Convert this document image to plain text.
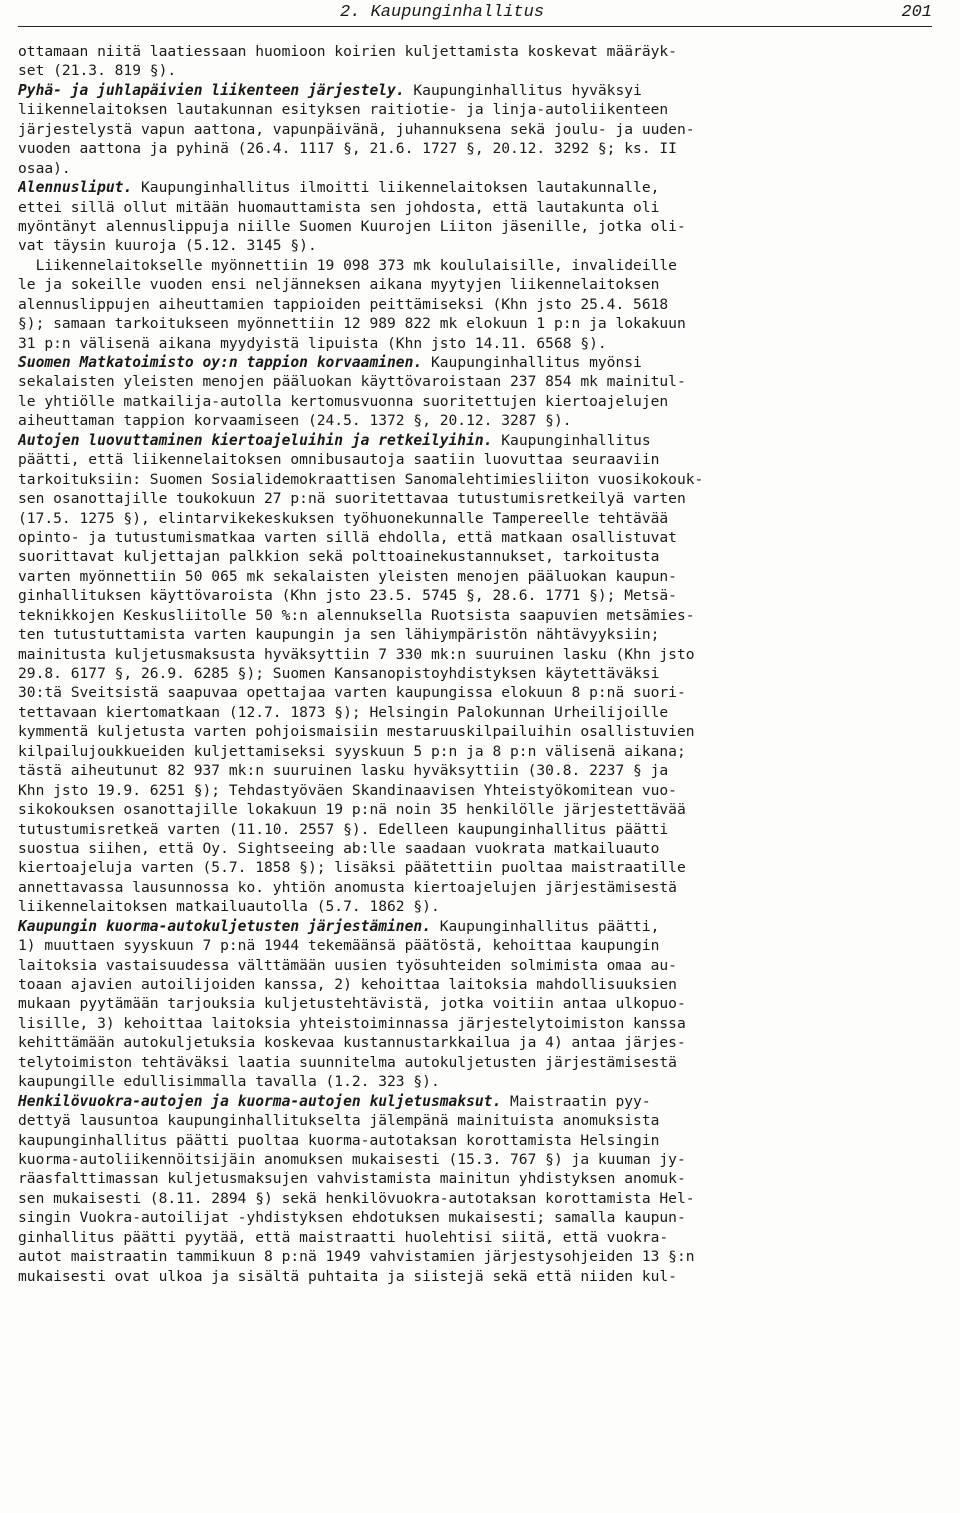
2. Kaupunginhallitus	201
ottamaan niitä laatiessaan huomioon koirien kuljettamista koskevat määräyk-
set (21.3. 819 §).
Pyhä- ja juhlapäivien liikenteen järjestely. Kaupunginhallitus hyväksyi
liikennelaitoksen lautakunnan esityksen raitiotie- ja linja-autoliikenteen
järjestelystä vapun aattona, vapunpäivänä, juhannuksena sekä joulu- ja uuden-
vuoden aattona ja pyhinä (26.4. 1117 §, 21.6. 1727 §, 20.12. 3292 §; ks. II
osaa).
Alennusliput. Kaupunginhallitus ilmoitti liikennelaitoksen lautakunnalle,
ettei sillä ollut mitään huomauttamista sen johdosta, että lautakunta oli
myöntänyt alennuslippuja niille Suomen Kuurojen Liiton jäsenille, jotka oli-
vat täysin kuuroja (5.12. 3145 §).
Liikennelaitokselle myönnettiin 19 098 373 mk koululaisille, invalideille
le ja sokeille vuoden ensi neljänneksen aikana myytyjen liikennelaitoksen
alennuslippujen aiheuttamien tappioiden peittämiseksi (Khn jsto 25.4. 5618
§); samaan tarkoitukseen myönnettiin 12 989 822 mk elokuun 1 p:n ja lokakuun
31 p:n välisenä aikana myydyistä lipuista (Khn jsto 14.11. 6568 §).
Suomen Matkatoimisto oy:n tappion korvaaminen. Kaupunginhallitus myönsi
sekalaisten yleisten menojen pääluokan käyttövaroistaan 237 854 mk mainitul-
le yhtiölle matkailija-autolla kertomusvuonna suoritettujen kiertoajelujen
aiheuttaman tappion korvaamiseen (24.5. 1372 §, 20.12. 3287 §).
Autojen luovuttaminen kiertoajeluihin ja retkeilyihin. Kaupunginhallitus
päätti, että liikennelaitoksen omnibusautoja saatiin luovuttaa seuraaviin
tarkoituksiin: Suomen Sosialidemokraattisen Sanomalehtimiesliiton vuosikokouk-
sen osanottajille toukokuun 27 p:nä suoritettavaa tutustumisretkeilyä varten
(17.5. 1275 §), elintarvikekeskuksen työhuonekunnalle Tampereelle tehtävää
opinto- ja tutustumismatkaa varten sillä ehdolla, että matkaan osallistuvat
suorittavat kuljettajan palkkion sekä polttoainekustannukset, tarkoitusta
varten myönnettiin 50 065 mk sekalaisten yleisten menojen pääluokan kaupun-
ginhallituksen käyttövaroista (Khn jsto 23.5. 5745 §, 28.6. 1771 §); Metsä-
teknikkojen Keskusliitolle 50 %:n alennuksella Ruotsista saapuvien metsämies-
ten tutustuttamista varten kaupungin ja sen lähiympäristön nähtävyyksiin;
mainitusta kuljetusmaksusta hyväksyttiin 7 330 mk:n suuruinen lasku (Khn jsto
29.8. 6177 §, 26.9. 6285 §); Suomen Kansanopistoyhdistyksen käytettäväksi
30:tä Sveitsistä saapuvaa opettajaa varten kaupungissa elokuun 8 p:nä suori-
tettavaan kiertomatkaan (12.7. 1873 §); Helsingin Palokunnan Urheilijoille
kymmentä kuljetusta varten pohjoismaisiin mestaruuskilpailuihin osallistuvien
kilpailujoukkueiden kuljettamiseksi syyskuun 5 p:n ja 8 p:n välisenä aikana;
tästä aiheutunut 82 937 mk:n suuruinen lasku hyväksyttiin (30.8. 2237 § ja
Khn jsto 19.9. 6251 §); Tehdastyöväen Skandinaavisen Yhteistyökomitean vuo-
sikokouksen osanottajille lokakuun 19 p:nä noin 35 henkilölle järjestettävää
tutustumisretkeä varten (11.10. 2557 §). Edelleen kaupunginhallitus päätti
suostua siihen, että Oy. Sightseeing ab:lle saadaan vuokrata matkailuauto
kiertoajeluja varten (5.7. 1858 §); lisäksi päätettiin puoltaa maistraatille
annettavassa lausunnossa ko. yhtiön anomusta kiertoajelujen järjestämisestä
liikennelaitoksen matkailuautolla (5.7. 1862 §).
Kaupungin kuorma-autokuljetusten järjestäminen. Kaupunginhallitus päätti,
1) muuttaen syyskuun 7 p:nä 1944 tekemäänsä päätöstä, kehoittaa kaupungin
laitoksia vastaisuudessa välttämään uusien työsuhteiden solmimista omaa au-
toaan ajavien autoilijoiden kanssa, 2) kehoittaa laitoksia mahdollisuuksien
mukaan pyytämään tarjouksia kuljetustehtävistä, jotka voitiin antaa ulkopuo-
lisille, 3) kehoittaa laitoksia yhteistoiminnassa järjestelytoimiston kanssa
kehittämään autokuljetuksia koskevaa kustannustarkkailua ja 4) antaa järjes-
telytoimiston tehtäväksi laatia suunnitelma autokuljetusten järjestämisestä
kaupungille edullisimmalla tavalla (1.2. 323 §).
Henkilövuokra-autojen ja kuorma-autojen kuljetusmaksut. Maistraatin pyy-
dettyä lausuntoa kaupunginhallitukselta jälempänä mainituista anomuksista
kaupunginhallitus päätti puoltaa kuorma-autotaksan korottamista Helsingin
kuorma-autoliikennöitsijäin anomuksen mukaisesti (15.3. 767 §) ja kuuman jy-
räasfalttimassan kuljetusmaksujen vahvistamista mainitun yhdistyksen anomuk-
sen mukaisesti (8.11. 2894 §) sekä henkilövuokra-autotaksan korottamista Hel-
singin Vuokra-autoilijat -yhdistyksen ehdotuksen mukaisesti; samalla kaupun-
ginhallitus päätti pyytää, että maistraatti huolehtisi siitä, että vuokra-
autot maistraatin tammikuun 8 p:nä 1949 vahvistamien järjestysohjeiden 13 §:n
mukaisesti ovat ulkoa ja sisältä puhtaita ja siistejä sekä että niiden kul-
